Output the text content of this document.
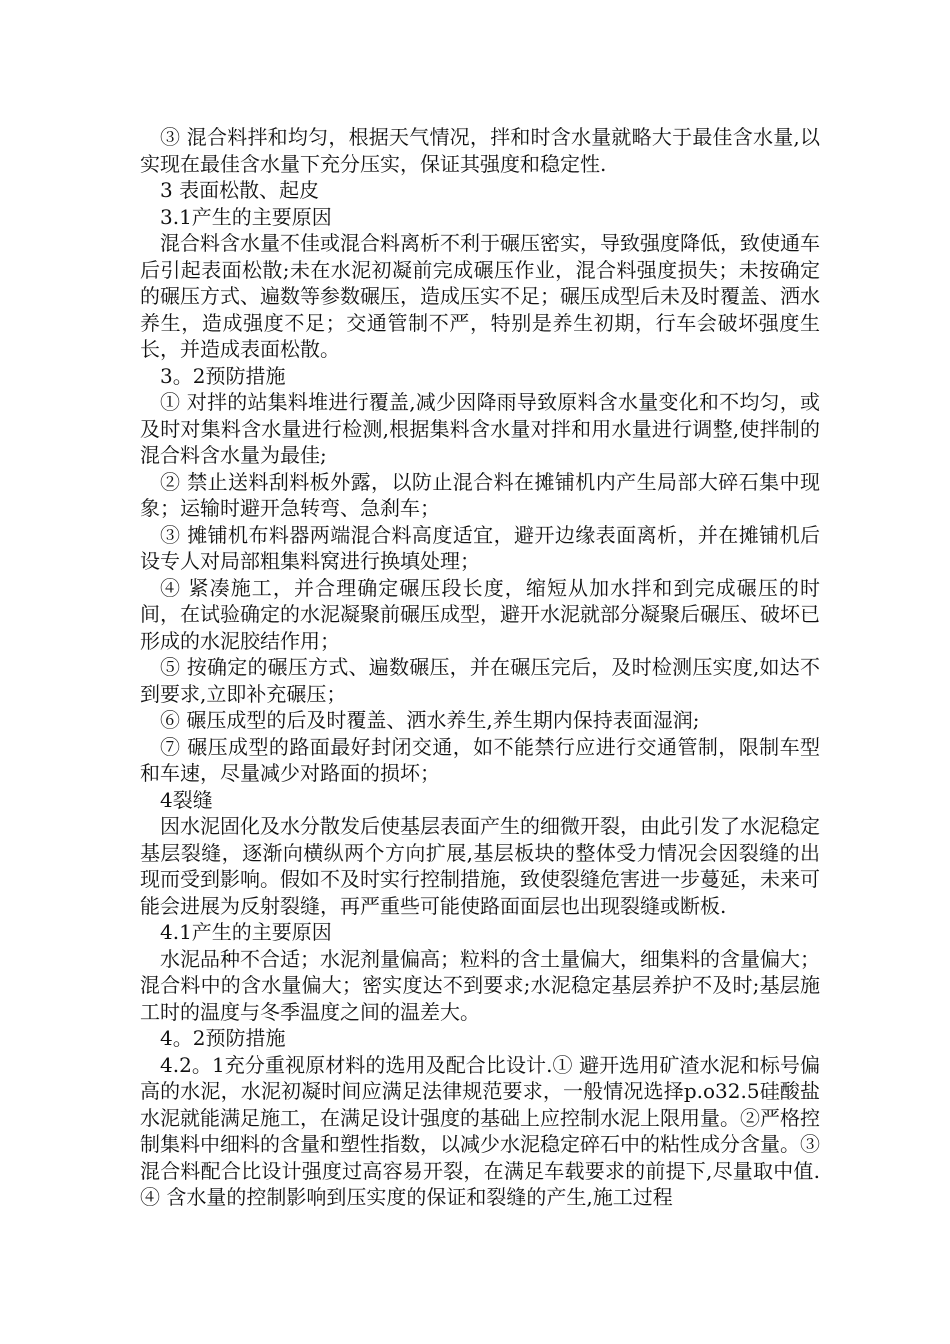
③ 混合料拌和均匀，根据天气情况，拌和时含水量就略大于最佳含水量,以实现在最佳含水量下充分压实，保证其强度和稳定性.

3 表面松散、起皮

3.1产生的主要原因

混合料含水量不佳或混合料离析不利于碾压密实，导致强度降低，致使通车后引起表面松散;未在水泥初凝前完成碾压作业，混合料强度损失；未按确定的碾压方式、遍数等参数碾压，造成压实不足；碾压成型后未及时覆盖、洒水养生，造成强度不足；交通管制不严，特别是养生初期，行车会破坏强度生长，并造成表面松散。

3。2预防措施

① 对拌的站集料堆进行覆盖,减少因降雨导致原料含水量变化和不均匀，或及时对集料含水量进行检测,根据集料含水量对拌和用水量进行调整,使拌制的混合料含水量为最佳;

② 禁止送料刮料板外露，以防止混合料在摊铺机内产生局部大碎石集中现象；运输时避开急转弯、急刹车；

③ 摊铺机布料器两端混合料高度适宜，避开边缘表面离析，并在摊铺机后设专人对局部粗集料窝进行换填处理；

④ 紧凑施工，并合理确定碾压段长度，缩短从加水拌和到完成碾压的时间，在试验确定的水泥凝聚前碾压成型，避开水泥就部分凝聚后碾压、破坏已形成的水泥胶结作用；

⑤ 按确定的碾压方式、遍数碾压，并在碾压完后，及时检测压实度,如达不到要求,立即补充碾压；

⑥ 碾压成型的后及时覆盖、洒水养生,养生期内保持表面湿润;

⑦ 碾压成型的路面最好封闭交通，如不能禁行应进行交通管制，限制车型和车速，尽量减少对路面的损坏；

4裂缝

因水泥固化及水分散发后使基层表面产生的细微开裂，由此引发了水泥稳定基层裂缝，逐渐向横纵两个方向扩展,基层板块的整体受力情况会因裂缝的出现而受到影响。假如不及时实行控制措施，致使裂缝危害进一步蔓延，未来可能会进展为反射裂缝，再严重些可能使路面面层也出现裂缝或断板.

4.1产生的主要原因

水泥品种不合适；水泥剂量偏高；粒料的含土量偏大，细集料的含量偏大；混合料中的含水量偏大；密实度达不到要求;水泥稳定基层养护不及时;基层施工时的温度与冬季温度之间的温差大。

4。2预防措施

4.2。1充分重视原材料的选用及配合比设计.① 避开选用矿渣水泥和标号偏高的水泥，水泥初凝时间应满足法律规范要求，一般情况选择p.o32.5硅酸盐水泥就能满足施工，在满足设计强度的基础上应控制水泥上限用量。②严格控制集料中细料的含量和塑性指数，以减少水泥稳定碎石中的粘性成分含量。③混合料配合比设计强度过高容易开裂，在满足车载要求的前提下,尽量取中值.④ 含水量的控制影响到压实度的保证和裂缝的产生,施工过程
